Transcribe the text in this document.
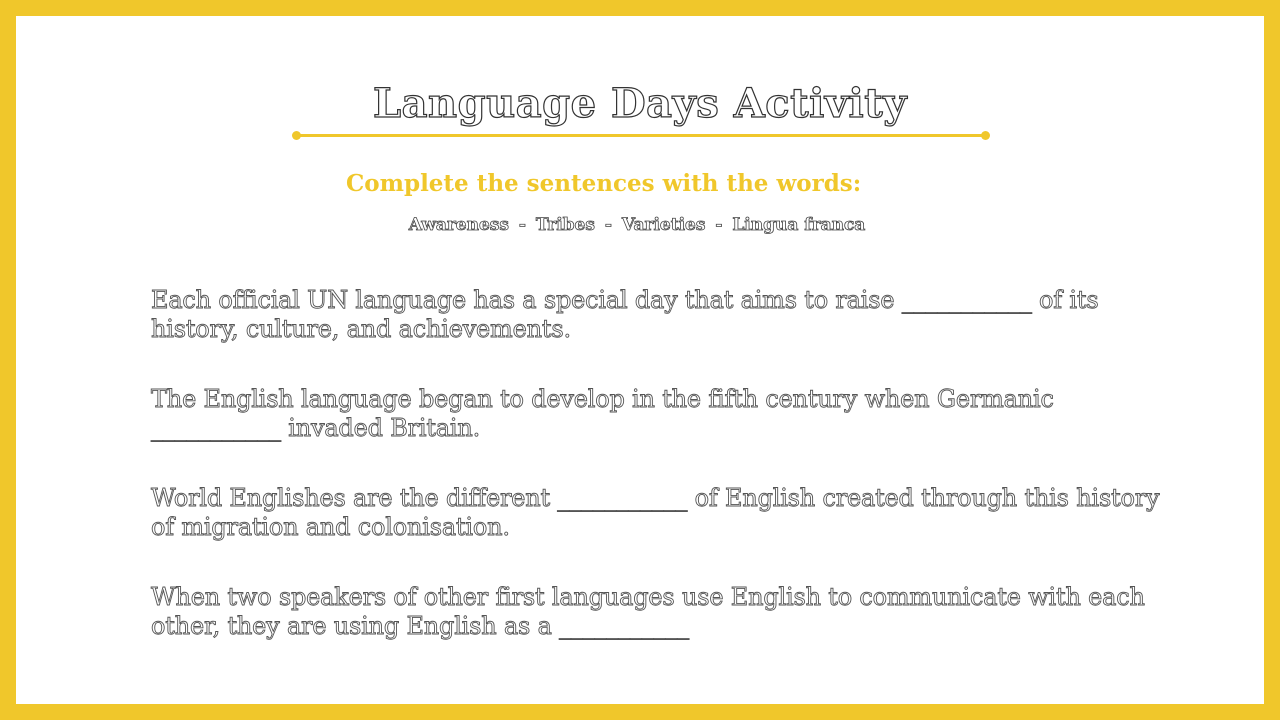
Language Days Activity
Complete the sentences with the words:
Awareness - Tribes - Varieties - Lingua franca

Each official UN language has a special day that aims to raise ___________ of its history, culture, and achievements.

The English language began to develop in the fifth century when Germanic ___________ invaded Britain.

World Englishes are the different ___________ of English created through this history of migration and colonisation.

When two speakers of other first languages use English to communicate with each other, they are using English as a ___________
